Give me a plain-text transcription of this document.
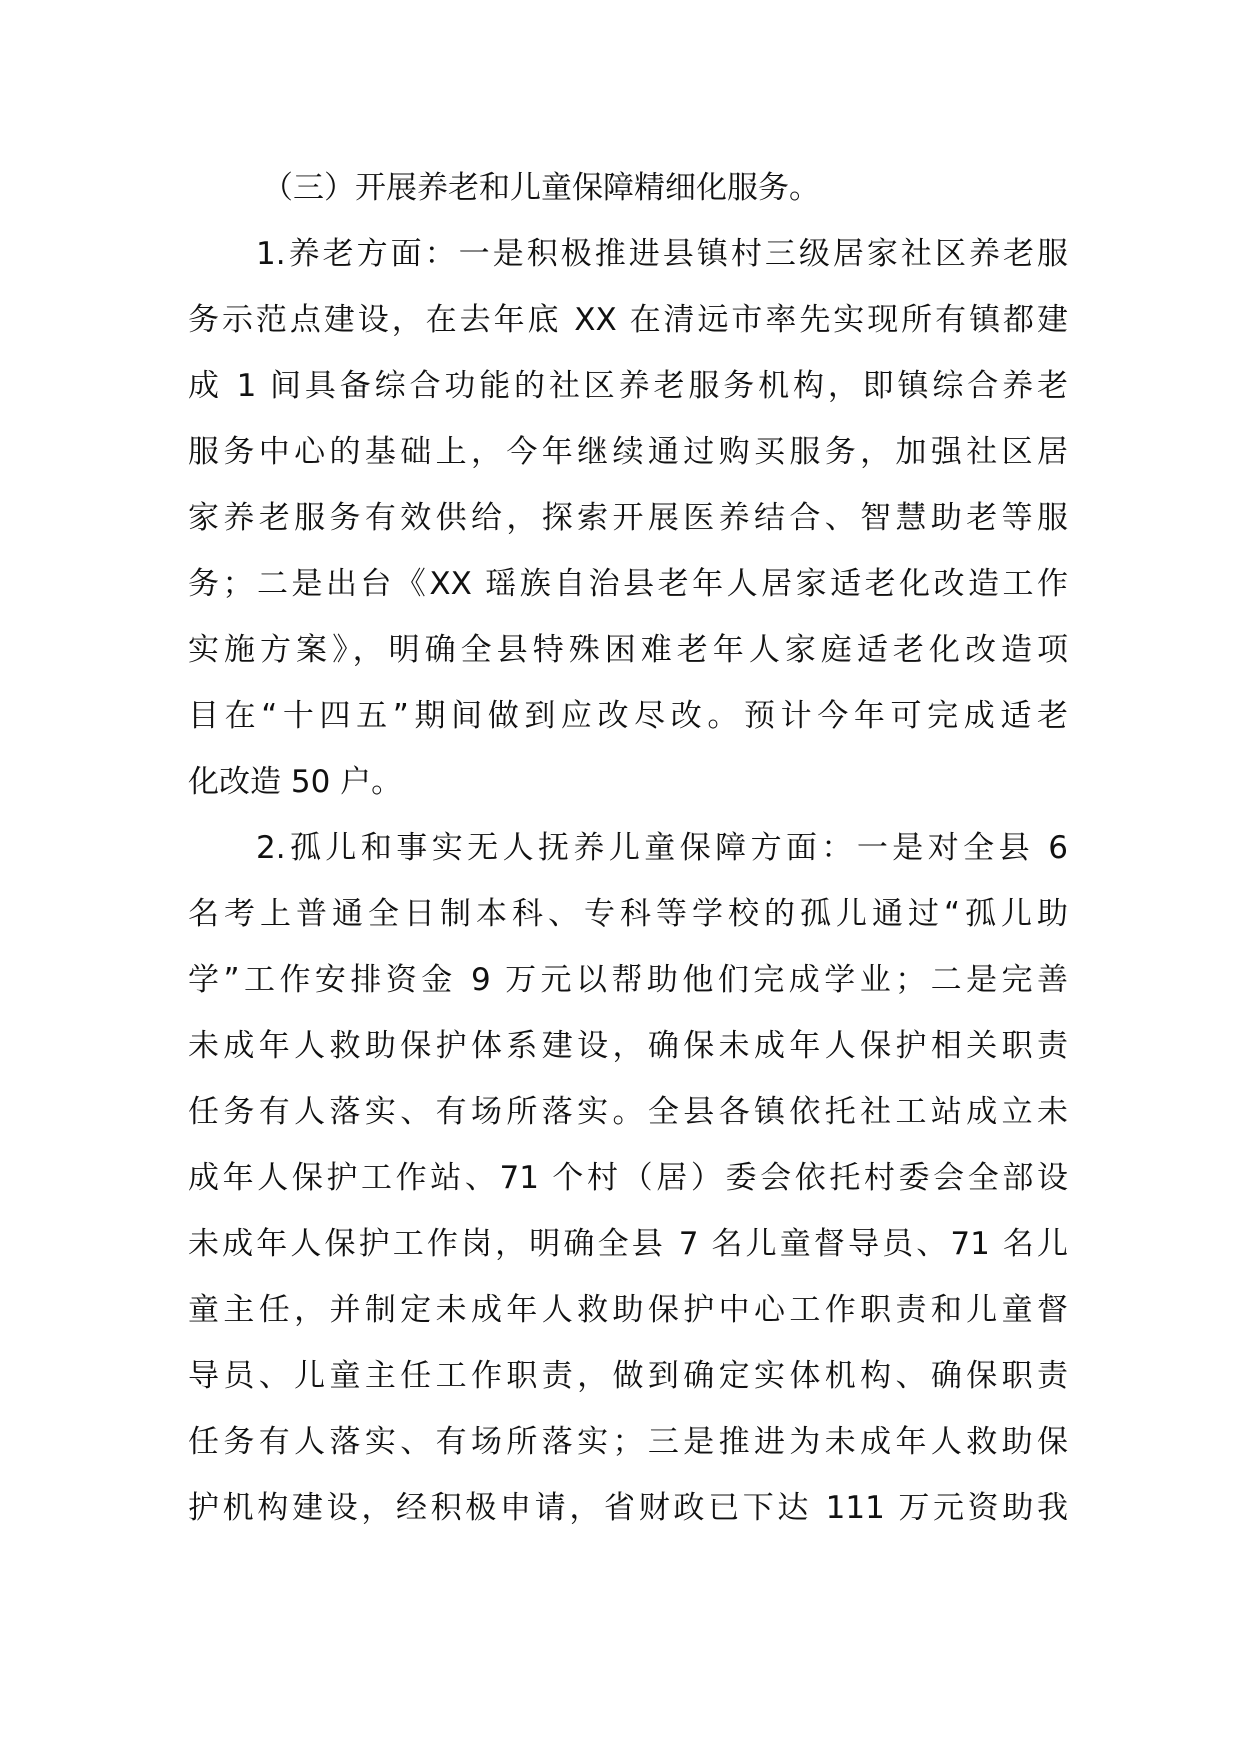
（三）开展养老和儿童保障精细化服务。
1.养老方面：一是积极推进县镇村三级居家社区养老服
务示范点建设，在去年底 XX 在清远市率先实现所有镇都建
成 1 间具备综合功能的社区养老服务机构，即镇综合养老
服务中心的基础上，今年继续通过购买服务，加强社区居
家养老服务有效供给，探索开展医养结合、智慧助老等服
务；二是出台《XX 瑶族自治县老年人居家适老化改造工作
实施方案》，明确全县特殊困难老年人家庭适老化改造项
目在“十四五”期间做到应改尽改。预计今年可完成适老
化改造 50 户。
2.孤儿和事实无人抚养儿童保障方面：一是对全县 6
名考上普通全日制本科、专科等学校的孤儿通过“孤儿助
学”工作安排资金 9 万元以帮助他们完成学业；二是完善
未成年人救助保护体系建设，确保未成年人保护相关职责
任务有人落实、有场所落实。全县各镇依托社工站成立未
成年人保护工作站、71 个村（居）委会依托村委会全部设
未成年人保护工作岗，明确全县 7 名儿童督导员、71 名儿
童主任，并制定未成年人救助保护中心工作职责和儿童督
导员、儿童主任工作职责，做到确定实体机构、确保职责
任务有人落实、有场所落实；三是推进为未成年人救助保
护机构建设，经积极申请，省财政已下达 111 万元资助我
